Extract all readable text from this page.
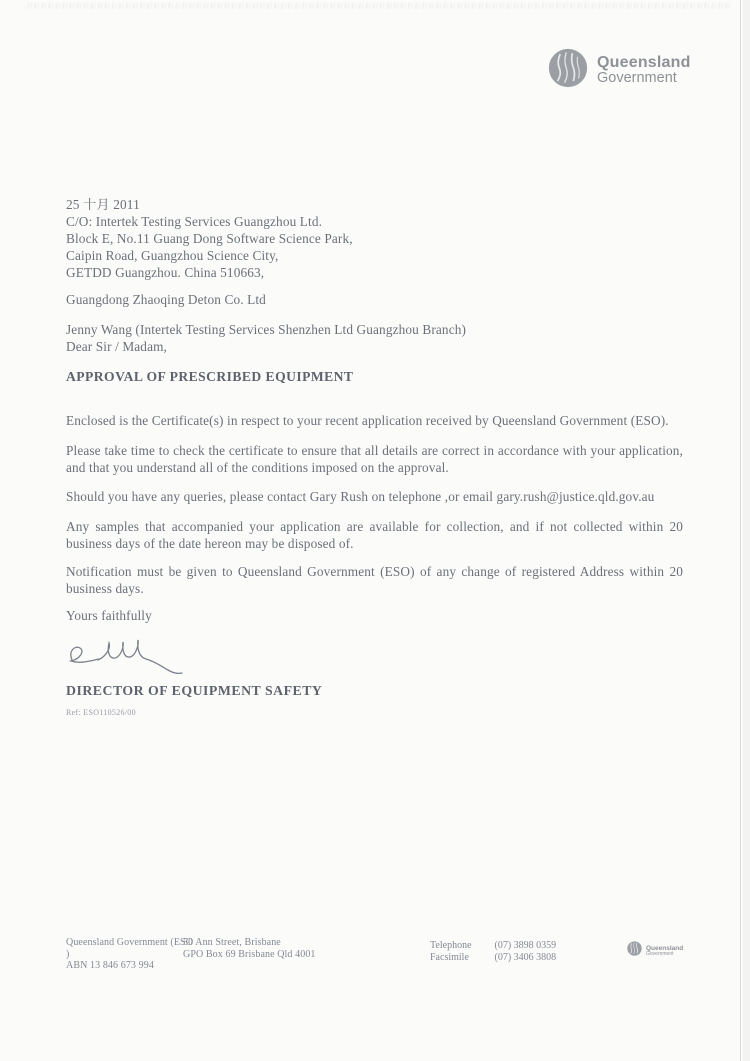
Queensland
Government
25 十月 2011
C/O: Intertek Testing Services Guangzhou Ltd.
Block E, No.11 Guang Dong Software Science Park,
Caipin Road, Guangzhou Science City,
GETDD Guangzhou. China 510663,
Guangdong Zhaoqing Deton Co. Ltd
Jenny Wang (Intertek Testing Services Shenzhen Ltd Guangzhou Branch)
Dear Sir / Madam,
APPROVAL OF PRESCRIBED EQUIPMENT
Enclosed is the Certificate(s) in respect to your recent application received by Queensland Government (ESO).
Please take time to check the certificate to ensure that all details are correct in accordance with your application, and that you understand all of the conditions imposed on the approval.
Should you have any queries, please contact Gary Rush on telephone ,or email gary.rush@justice.qld.gov.au
Any samples that accompanied your application are available for collection, and if not collected within 20 business days of the date hereon may be disposed of.
Notification must be given to Queensland Government (ESO) of any change of registered Address within 20 business days.
Yours faithfully
DIRECTOR OF EQUIPMENT SAFETY
Ref: ESO110526/00
Queensland Government (ESO
50 Ann Street, Brisbane
)	GPO Box 69 Brisbane Qld 4001
ABN 13 846 673 994
Telephone (07) 3898 0359
Facsimile	(07) 3406 3808
Queensland
Government
